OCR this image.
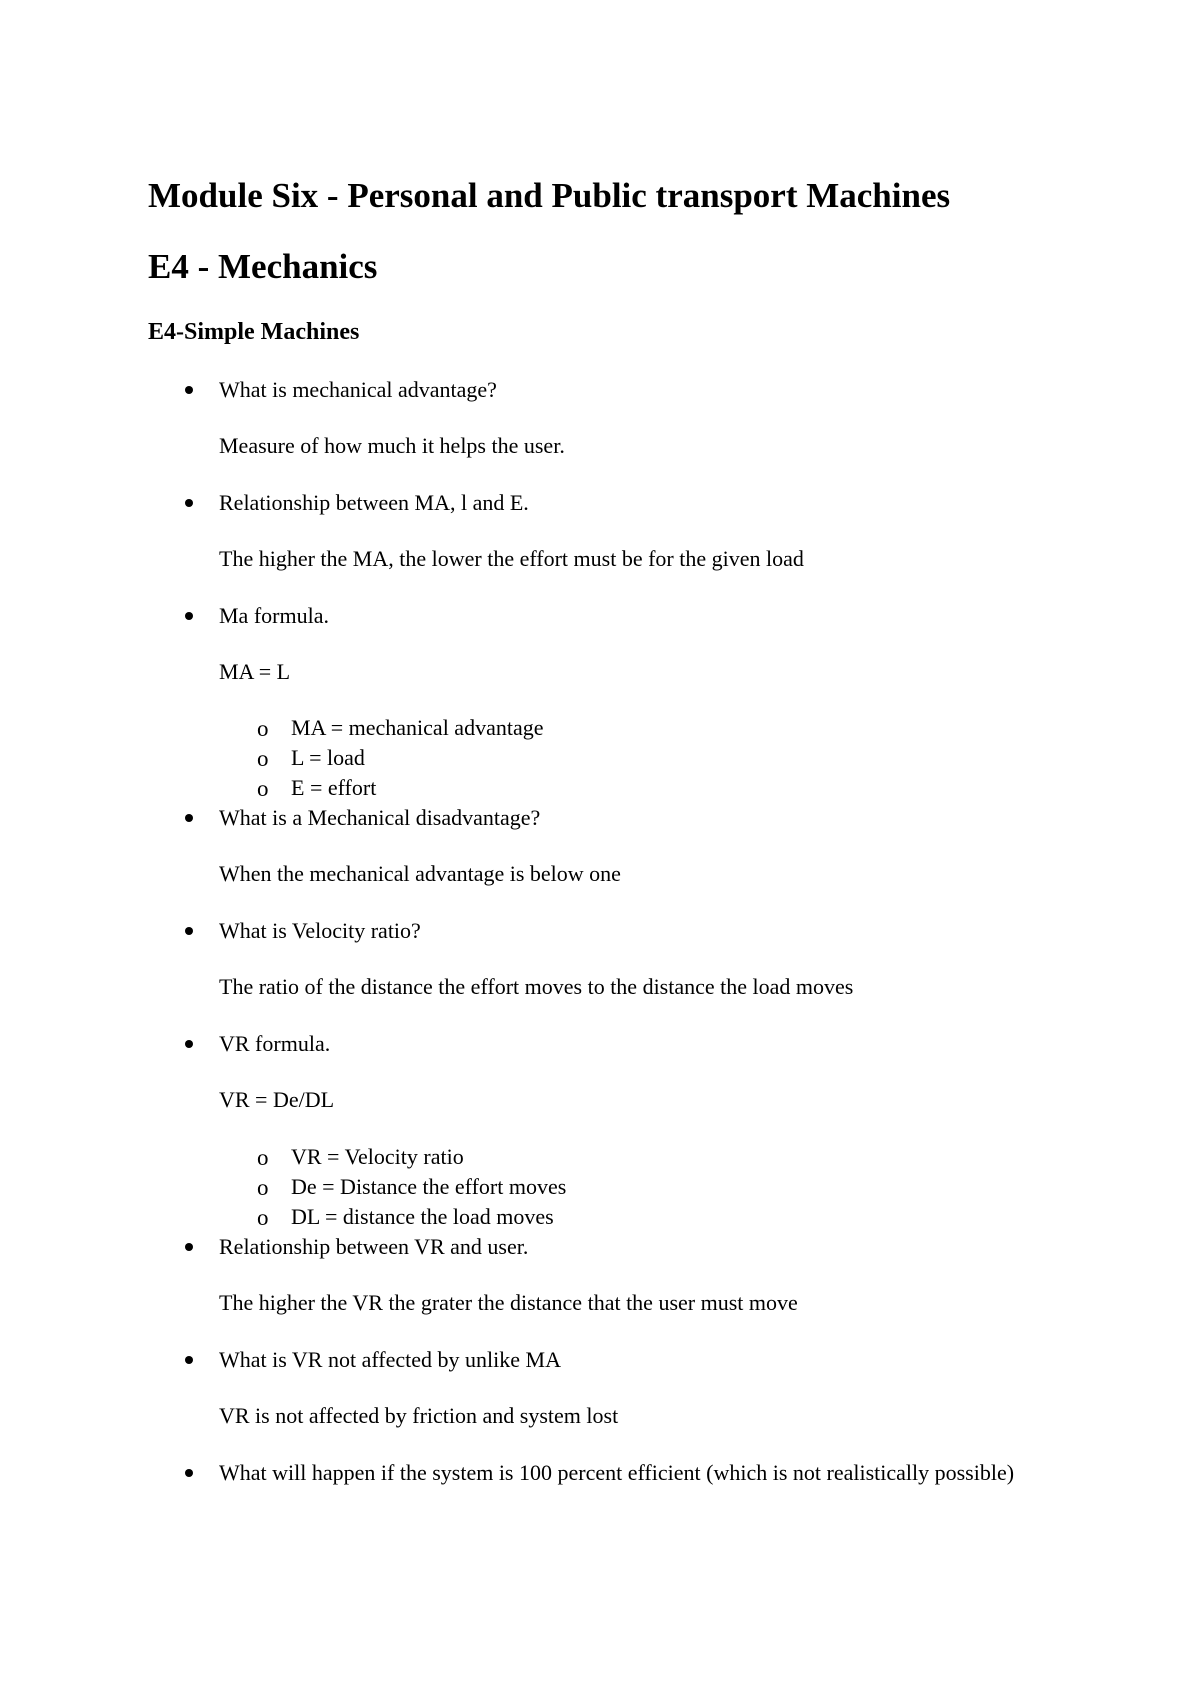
Module Six - Personal and Public transport Machines
E4 - Mechanics
E4-Simple Machines
What is mechanical advantage?
Measure of how much it helps the user.
Relationship between MA, l and E.
The higher the MA, the lower the effort must be for the given load
Ma formula.
MA = L
o MA = mechanical advantage
o L = load
o E = effort
What is a Mechanical disadvantage?
When the mechanical advantage is below one
What is Velocity ratio?
The ratio of the distance the effort moves to the distance the load moves
VR formula.
VR = De/DL
o VR = Velocity ratio
o De = Distance the effort moves
o DL = distance the load moves
Relationship between VR and user.
The higher the VR the grater the distance that the user must move
What is VR not affected by unlike MA
VR is not affected by friction and system lost
What will happen if the system is 100 percent efficient (which is not realistically possible)
